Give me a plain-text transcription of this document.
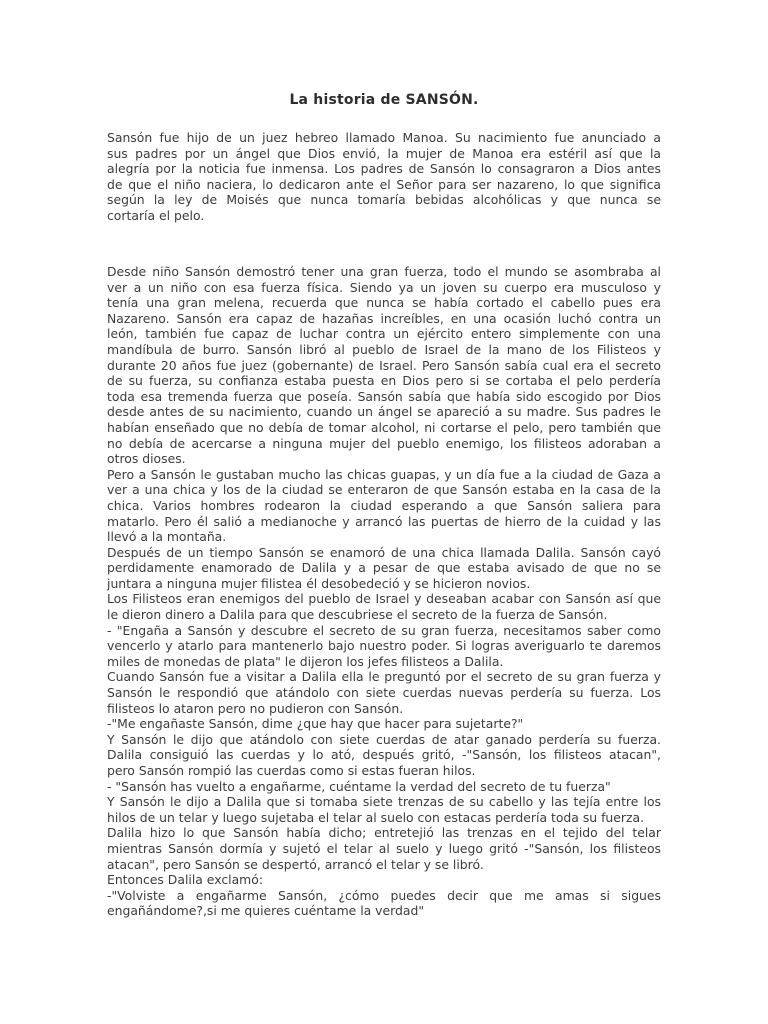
La historia de SANSÓN.

Sansón fue hijo de un juez hebreo llamado Manoa. Su nacimiento fue anunciado a
sus padres por un ángel que Dios envió, la mujer de Manoa era estéril así que la
alegría por la noticia fue inmensa. Los padres de Sansón lo consagraron a Dios antes
de que el niño naciera, lo dedicaron ante el Señor para ser nazareno, lo que significa
según la ley de Moisés que nunca tomaría bebidas alcohólicas y que nunca se
cortaría el pelo.

Desde niño Sansón demostró tener una gran fuerza, todo el mundo se asombraba al
ver a un niño con esa fuerza física. Siendo ya un joven su cuerpo era musculoso y
tenía una gran melena, recuerda que nunca se había cortado el cabello pues era
Nazareno. Sansón era capaz de hazañas increíbles, en una ocasión luchó contra un
león, también fue capaz de luchar contra un ejército entero simplemente con una
mandíbula de burro. Sansón libró al pueblo de Israel de la mano de los Filisteos y
durante 20 años fue juez (gobernante) de Israel. Pero Sansón sabía cual era el secreto
de su fuerza, su confianza estaba puesta en Dios pero si se cortaba el pelo perdería
toda esa tremenda fuerza que poseía. Sansón sabía que había sido escogido por Dios
desde antes de su nacimiento, cuando un ángel se apareció a su madre. Sus padres le
habían enseñado que no debía de tomar alcohol, ni cortarse el pelo, pero también que
no debía de acercarse a ninguna mujer del pueblo enemigo, los filisteos adoraban a
otros dioses.
Pero a Sansón le gustaban mucho las chicas guapas, y un día fue a la ciudad de Gaza a
ver a una chica y los de la ciudad se enteraron de que Sansón estaba en la casa de la
chica. Varios hombres rodearon la ciudad esperando a que Sansón saliera para
matarlo. Pero él salió a medianoche y arrancó las puertas de hierro de la cuidad y las
llevó a la montaña.
Después de un tiempo Sansón se enamoró de una chica llamada Dalila. Sansón cayó
perdidamente enamorado de Dalila y a pesar de que estaba avisado de que no se
juntara a ninguna mujer filistea él desobedeció y se hicieron novios.
Los Filisteos eran enemigos del pueblo de Israel y deseaban acabar con Sansón así que
le dieron dinero a Dalila para que descubriese el secreto de la fuerza de Sansón.
- "Engaña a Sansón y descubre el secreto de su gran fuerza, necesitamos saber como
vencerlo y atarlo para mantenerlo bajo nuestro poder. Si logras averiguarlo te daremos
miles de monedas de plata" le dijeron los jefes filisteos a Dalila.
Cuando Sansón fue a visitar a Dalila ella le preguntó por el secreto de su gran fuerza y
Sansón le respondió que atándolo con siete cuerdas nuevas perdería su fuerza. Los
filisteos lo ataron pero no pudieron con Sansón.
-"Me engañaste Sansón, dime ¿que hay que hacer para sujetarte?"
Y Sansón le dijo que atándolo con siete cuerdas de atar ganado perdería su fuerza.
Dalila consiguió las cuerdas y lo ató, después gritó, -"Sansón, los filisteos atacan",
pero Sansón rompió las cuerdas como si estas fueran hilos.
- "Sansón has vuelto a engañarme, cuéntame la verdad del secreto de tu fuerza"
Y Sansón le dijo a Dalila que si tomaba siete trenzas de su cabello y las tejía entre los
hilos de un telar y luego sujetaba el telar al suelo con estacas perdería toda su fuerza.
Dalila hizo lo que Sansón había dicho; entretejió las trenzas en el tejido del telar
mientras Sansón dormía y sujetó el telar al suelo y luego gritó -"Sansón, los filisteos
atacan", pero Sansón se despertó, arrancó el telar y se libró.
Entonces Dalila exclamó:
-"Volviste a engañarme Sansón, ¿cómo puedes decir que me amas si sigues
engañándome?,si me quieres cuéntame la verdad"
